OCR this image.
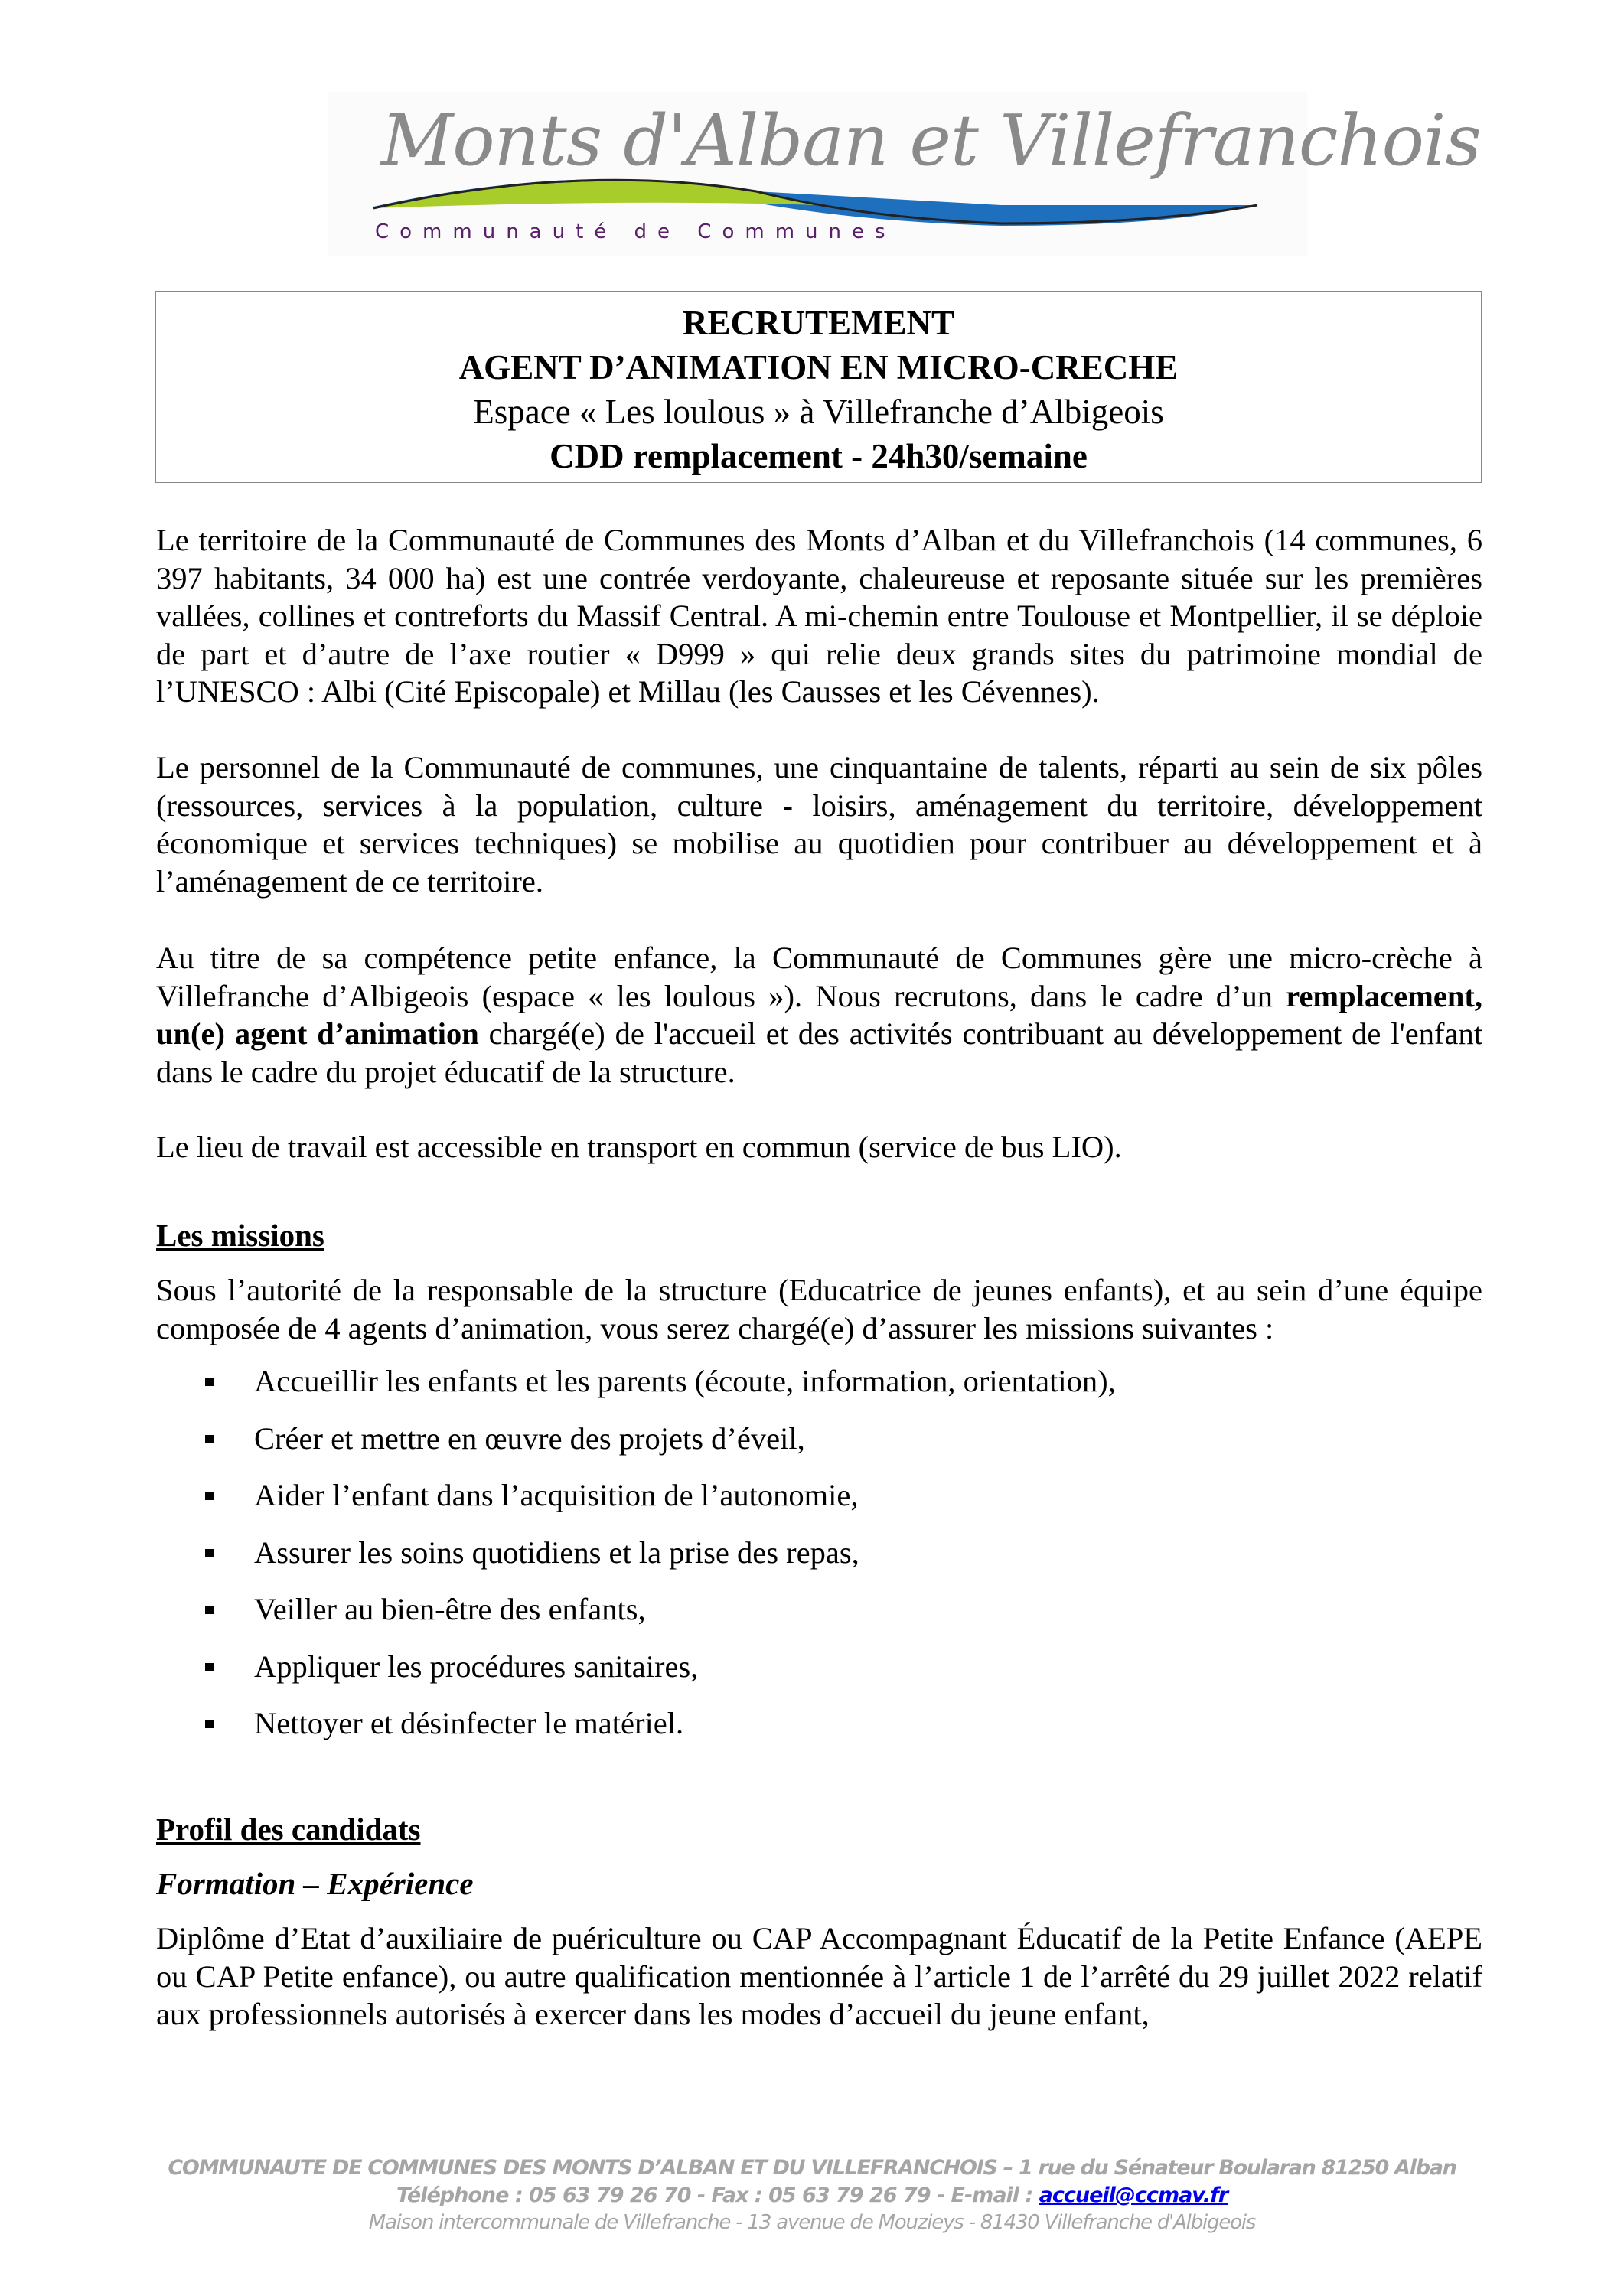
Monts d'Alban et Villefranchois
Communauté de Communes
RECRUTEMENT
AGENT D’ANIMATION EN MICRO-CRECHE
Espace « Les loulous » à Villefranche d’Albigeois
CDD remplacement - 24h30/semaine
Le territoire de la Communauté de Communes des Monts d’Alban et du Villefranchois (14 communes, 6 397 habitants, 34 000 ha) est une contrée verdoyante, chaleureuse et reposante située sur les premières vallées, collines et contreforts du Massif Central. A mi-chemin entre Toulouse et Montpellier, il se déploie de part et d’autre de l’axe routier « D999 » qui relie deux grands sites du patrimoine mondial de l’UNESCO : Albi (Cité Episcopale) et Millau (les Causses et les Cévennes).
Le personnel de la Communauté de communes, une cinquantaine de talents, réparti au sein de six pôles (ressources, services à la population, culture - loisirs, aménagement du territoire, développement économique et services techniques) se mobilise au quotidien pour contribuer au développement et à l’aménagement de ce territoire.
Au titre de sa compétence petite enfance, la Communauté de Communes gère une micro-crèche à Villefranche d’Albigeois (espace « les loulous »). Nous recrutons, dans le cadre d’un remplacement, un(e) agent d’animation chargé(e) de l'accueil et des activités contribuant au développement de l'enfant dans le cadre du projet éducatif de la structure.
Le lieu de travail est accessible en transport en commun (service de bus LIO).
Les missions
Sous l’autorité de la responsable de la structure (Educatrice de jeunes enfants), et au sein d’une équipe composée de 4 agents d’animation, vous serez chargé(e) d’assurer les missions suivantes :
Accueillir les enfants et les parents (écoute, information, orientation),
Créer et mettre en œuvre des projets d’éveil,
Aider l’enfant dans l’acquisition de l’autonomie,
Assurer les soins quotidiens et la prise des repas,
Veiller au bien-être des enfants,
Appliquer les procédures sanitaires,
Nettoyer et désinfecter le matériel.
Profil des candidats
Formation – Expérience
Diplôme d’Etat d’auxiliaire de puériculture ou CAP Accompagnant Éducatif de la Petite Enfance (AEPE ou CAP Petite enfance), ou autre qualification mentionnée à l’article 1 de l’arrêté du 29 juillet 2022 relatif aux professionnels autorisés à exercer dans les modes d’accueil du jeune enfant,
COMMUNAUTE DE COMMUNES DES MONTS D’ALBAN ET DU VILLEFRANCHOIS – 1 rue du Sénateur Boularan 81250 Alban
Téléphone : 05 63 79 26 70 - Fax : 05 63 79 26 79 - E-mail : accueil@ccmav.fr
Maison intercommunale de Villefranche - 13 avenue de Mouzieys - 81430 Villefranche d'Albigeois
